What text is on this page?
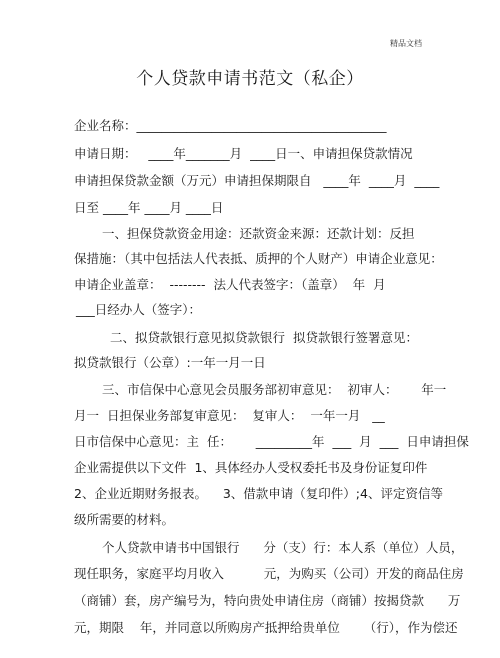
精品文档
个人贷款申请书范文（私企）
企业名称：________________________________________
申请日期：   ____年_______月  ____日一、申请担保贷款情况
申请担保贷款金额（万元）申请担保期限自   ____年  ____月  ____
日至 ____年 ____月 ____日
一、担保贷款资金用途：还款资金来源：还款计划：反担
保措施：（其中包括法人代表抵、质押的个人财产）申请企业意见：
申请企业盖章：  --------  法人代表签字：（盖章）  年  月
___日经办人（签字）：
二、拟贷款银行意见拟贷款银行  拟贷款银行签署意见：
拟贷款银行（公章）:一年一月一日
三、市信保中心意见会员服务部初审意见：  初审人：      年一
月一  日担保业务部复审意见：  复审人：  一年一月   __
日市信保中心意见：主  任：      _________年  ___  月  ___  日申请担保
企业需提供以下文件  1、具体经办人受权委托书及身份证复印件
2、企业近期财务报表。    3、借款申请（复印件）;4、评定资信等
级所需要的材料。
个人贷款申请书中国银行      分（支）行：本人系（单位）人员，
现任职务，家庭平均月收入          元，为购买（公司）开发的商品住房
（商铺）套，房产编号为，特向贵处申请住房（商铺）按揭贷款      万
元，期限    年，并同意以所购房产抵押给贵单位      （行），作为偿还
